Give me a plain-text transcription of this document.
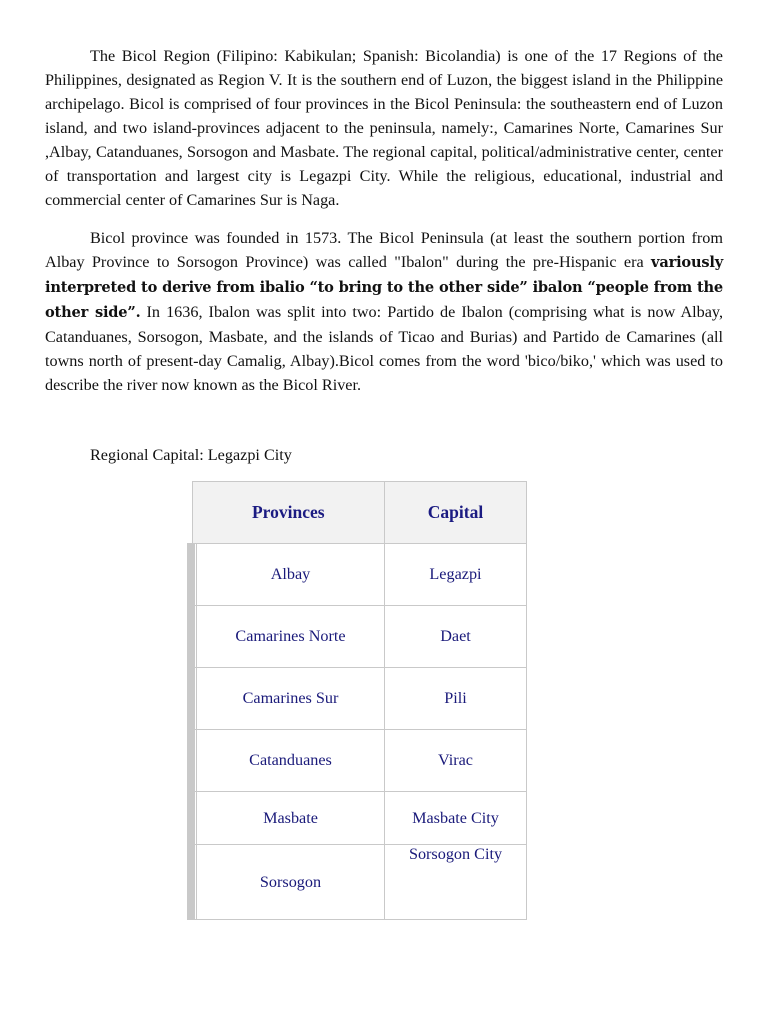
The Bicol Region (Filipino: Kabikulan; Spanish: Bicolandia) is one of the 17 Regions of the Philippines, designated as Region V. It is the southern end of Luzon, the biggest island in the Philippine archipelago. Bicol is comprised of four provinces in the Bicol Peninsula: the southeastern end of Luzon island, and two island-provinces adjacent to the peninsula, namely:, Camarines Norte, Camarines Sur ,Albay, Catanduanes, Sorsogon and Masbate. The regional capital, political/administrative center, center of transportation and largest city is Legazpi City. While the religious, educational, industrial and commercial center of Camarines Sur is Naga.

Bicol province was founded in 1573. The Bicol Peninsula (at least the southern portion from Albay Province to Sorsogon Province) was called "Ibalon" during the pre-Hispanic era variously interpreted to derive from ibalio “to bring to the other side” ibalon “people from the other side”. In 1636, Ibalon was split into two: Partido de Ibalon (comprising what is now Albay, Catanduanes, Sorsogon, Masbate, and the islands of Ticao and Burias) and Partido de Camarines (all towns north of present-day Camalig, Albay).Bicol comes from the word 'bico/biko,' which was used to describe the river now known as the Bicol River.

Regional Capital: Legazpi City

Provinces	Capital
Albay	Legazpi
Camarines Norte	Daet
Camarines Sur	Pili
Catanduanes	Virac
Masbate	Masbate City
Sorsogon	Sorsogon City
